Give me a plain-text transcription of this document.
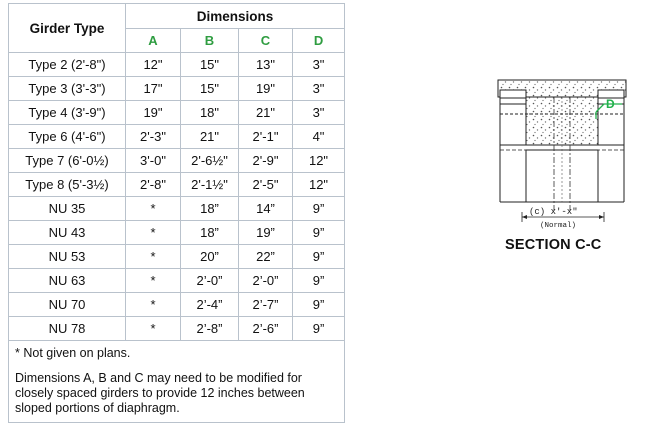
Girder Type	Dimensions			
	A	B	C	D
Type 2 (2'-8")	12"	15"	13"	3"
Type 3 (3'-3")	17"	15"	19"	3"
Type 4 (3'-9")	19"	18"	21"	3"
Type 6 (4'-6")	2'-3"	21"	2'-1"	4"
Type 7 (6'-0½)	3'-0"	2'-6½"	2'-9"	12"
Type 8 (5'-3½)	2'-8"	2'-1½"	2'-5"	12"
NU 35	*	18”	14”	9”
NU 43	*	18”	19”	9”
NU 53	*	20”	22”	9”
NU 63	*	2’-0”	2’-0”	9”
NU 70	*	2’-4”	2’-7”	9”
NU 78	*	2’-8”	2’-6”	9”

* Not given on plans.

Dimensions A, B and C may need to be modified for closely spaced girders to provide 12 inches between sloped portions of diaphragm.				

D
(c) x'-x"
(Normal)
SECTION C-C
